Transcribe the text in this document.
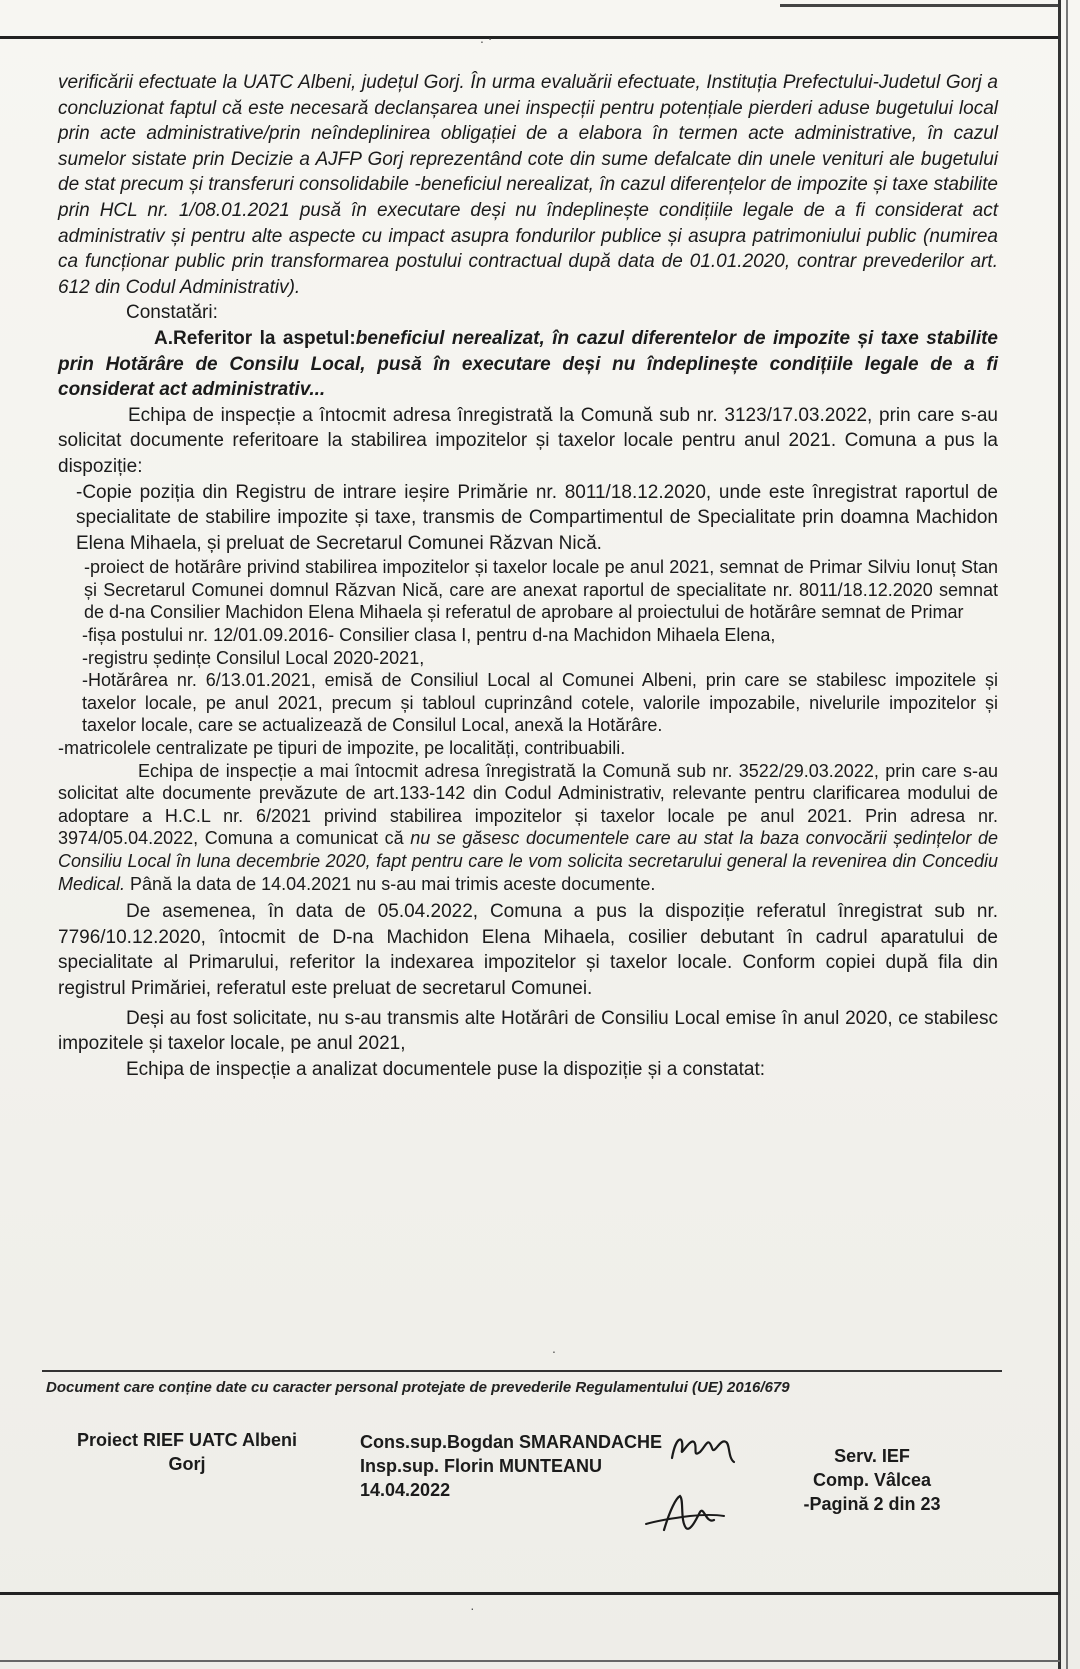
verificării efectuate la UATC Albeni, județul Gorj. În urma evaluării efectuate, Instituția Prefectului-Judetul Gorj a concluzionat faptul că este necesară declanșarea unei inspecții pentru potențiale pierderi aduse bugetului local prin acte administrative/prin neîndeplinirea obligației de a elabora în termen acte administrative, în cazul sumelor sistate prin Decizie a AJFP Gorj reprezentând cote din sume defalcate din unele venituri ale bugetului de stat precum și transferuri consolidabile -beneficiul nerealizat, în cazul diferențelor de impozite și taxe stabilite prin HCL nr. 1/08.01.2021 pusă în executare deși nu îndeplinește condițiile legale de a fi considerat act administrativ și pentru alte aspecte cu impact asupra fondurilor publice și asupra patrimoniului public (numirea ca funcționar public prin transformarea postului contractual după data de 01.01.2020, contrar prevederilor art. 612 din Codul Administrativ).

Constatări:

A.Referitor la aspetul:beneficiul nerealizat, în cazul diferentelor de impozite și taxe stabilite prin Hotărâre de Consilu Local, pusă în executare deși nu îndeplinește condițiile legale de a fi considerat act administrativ...

Echipa de inspecție a întocmit adresa înregistrată la Comună sub nr. 3123/17.03.2022, prin care s-au solicitat documente referitoare la stabilirea impozitelor și taxelor locale pentru anul 2021. Comuna a pus la dispoziție:

-Copie poziția din Registru de intrare ieșire Primărie nr. 8011/18.12.2020, unde este înregistrat raportul de specialitate de stabilire impozite și taxe, transmis de Compartimentul de Specialitate prin doamna Machidon Elena Mihaela, și preluat de Secretarul Comunei Răzvan Nică.

-proiect de hotărâre privind stabilirea impozitelor și taxelor locale pe anul 2021, semnat de Primar Silviu Ionuț Stan și Secretarul Comunei domnul Răzvan Nică, care are anexat raportul de specialitate nr. 8011/18.12.2020 semnat de d-na Consilier Machidon Elena Mihaela și referatul de aprobare al proiectului de hotărâre semnat de Primar

-fișa postului nr. 12/01.09.2016- Consilier clasa I, pentru d-na Machidon Mihaela Elena,

-registru ședințe Consilul Local 2020-2021,

-Hotărârea nr. 6/13.01.2021, emisă de Consiliul Local al Comunei Albeni, prin care se stabilesc impozitele și taxelor locale, pe anul 2021, precum și tabloul cuprinzând cotele, valorile impozabile, nivelurile impozitelor și taxelor locale, care se actualizează de Consilul Local, anexă la Hotărâre.

-matricolele centralizate pe tipuri de impozite, pe localități, contribuabili.

Echipa de inspecție a mai întocmit adresa înregistrată la Comună sub nr. 3522/29.03.2022, prin care s-au solicitat alte documente prevăzute de art.133-142 din Codul Administrativ, relevante pentru clarificarea modului de adoptare a H.C.L nr. 6/2021 privind stabilirea impozitelor și taxelor locale pe anul 2021. Prin adresa nr. 3974/05.04.2022, Comuna a comunicat că nu se găsesc documentele care au stat la baza convocării ședințelor de Consiliu Local în luna decembrie 2020, fapt pentru care le vom solicita secretarului general la revenirea din Concediu Medical. Până la data de 14.04.2021 nu s-au mai trimis aceste documente.

De asemenea, în data de 05.04.2022, Comuna a pus la dispoziție referatul înregistrat sub nr. 7796/10.12.2020, întocmit de D-na Machidon Elena Mihaela, cosilier debutant în cadrul aparatului de specialitate al Primarului, referitor la indexarea impozitelor și taxelor locale. Conform copiei după fila din registrul Primăriei, referatul este preluat de secretarul Comunei.

Deși au fost solicitate, nu s-au transmis alte Hotărâri de Consiliu Local emise în anul 2020, ce stabilesc impozitele și taxelor locale, pe anul 2021,

Echipa de inspecție a analizat documentele puse la dispoziție și a constatat:

Document care conține date cu caracter personal protejate de prevederile Regulamentului (UE) 2016/679
Proiect RIEF UATC Albeni
Gorj
Cons.sup.Bogdan SMARANDACHE
Insp.sup. Florin MUNTEANU
14.04.2022
Serv. IEF
Comp. Vâlcea
-Pagină 2 din 23
. ·
.
·
